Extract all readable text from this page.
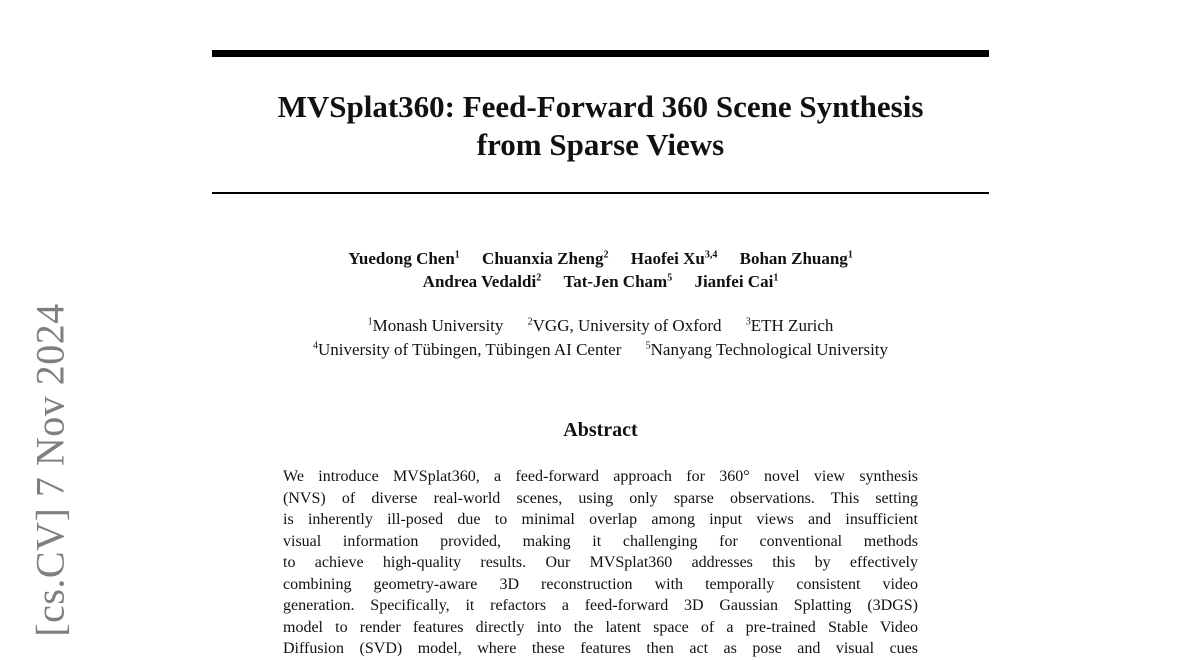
MVSplat360: Feed-Forward 360 Scene Synthesis
from Sparse Views
Yuedong Chen$^1$ Chuanxia Zheng$^2$ Haofei Xu$^{3,4}$ Bohan Zhuang$^1$
Andrea Vedaldi$^2$ Tat-Jen Cham$^5$ Jianfei Cai$^1$
$^1$Monash University $^2$VGG, University of Oxford $^3$ETH Zurich
$^4$University of Tübingen, Tübingen AI Center $^5$Nanyang Technological University
Abstract
We introduce MVSplat360, a feed-forward approach for 360° novel view synthesis
(NVS) of diverse real-world scenes, using only sparse observations. This setting
is inherently ill-posed due to minimal overlap among input views and insufficient
visual information provided, making it challenging for conventional methods
to achieve high-quality results. Our MVSplat360 addresses this by effectively
combining geometry-aware 3D reconstruction with temporally consistent video
generation. Specifically, it refactors a feed-forward 3D Gaussian Splatting (3DGS)
model to render features directly into the latent space of a pre-trained Stable Video
Diffusion (SVD) model, where these features then act as pose and visual cues
[cs.CV] 7 Nov 2024
